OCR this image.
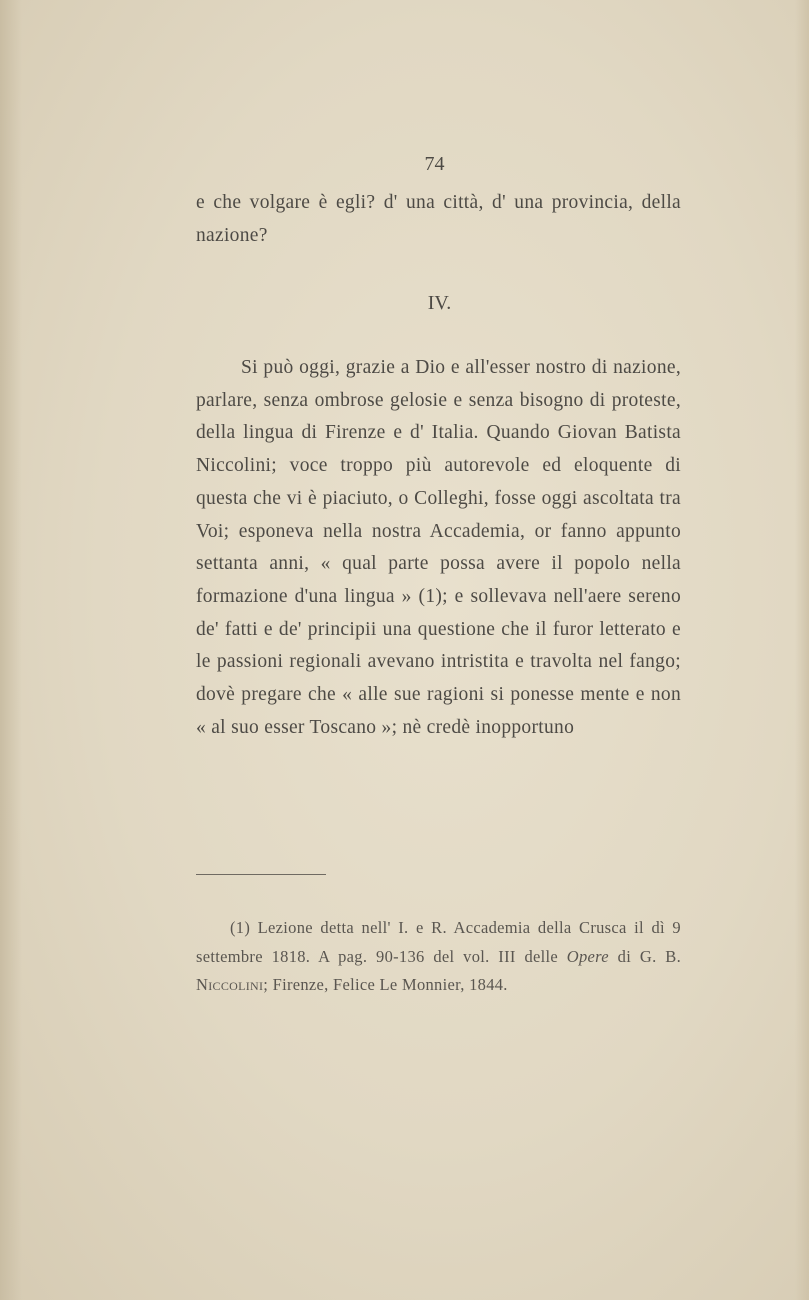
74

e che volgare è egli? d' una città, d' una provincia, della nazione?

IV.

Si può oggi, grazie a Dio e all'esser nostro di nazione, parlare, senza ombrose gelosie e senza bisogno di proteste, della lingua di Firenze e d' Italia. Quando Giovan Batista Niccolini; voce troppo più autorevole ed eloquente di questa che vi è piaciuto, o Colleghi, fosse oggi ascoltata tra Voi; esponeva nella nostra Accademia, or fanno appunto settanta anni, « qual parte possa avere il popolo nella formazione d'una lingua » (1); e sollevava nell'aere sereno de' fatti e de' principii una questione che il furor letterato e le passioni regionali avevano intristita e travolta nel fango; dovè pregare che « alle sue ragioni si ponesse mente e non « al suo esser Toscano »; nè credè inopportuno

(1) Lezione detta nell' I. e R. Accademia della Crusca il dì 9 settembre 1818. A pag. 90-136 del vol. III delle Opere di G. B. Niccolini; Firenze, Felice Le Monnier, 1844.
